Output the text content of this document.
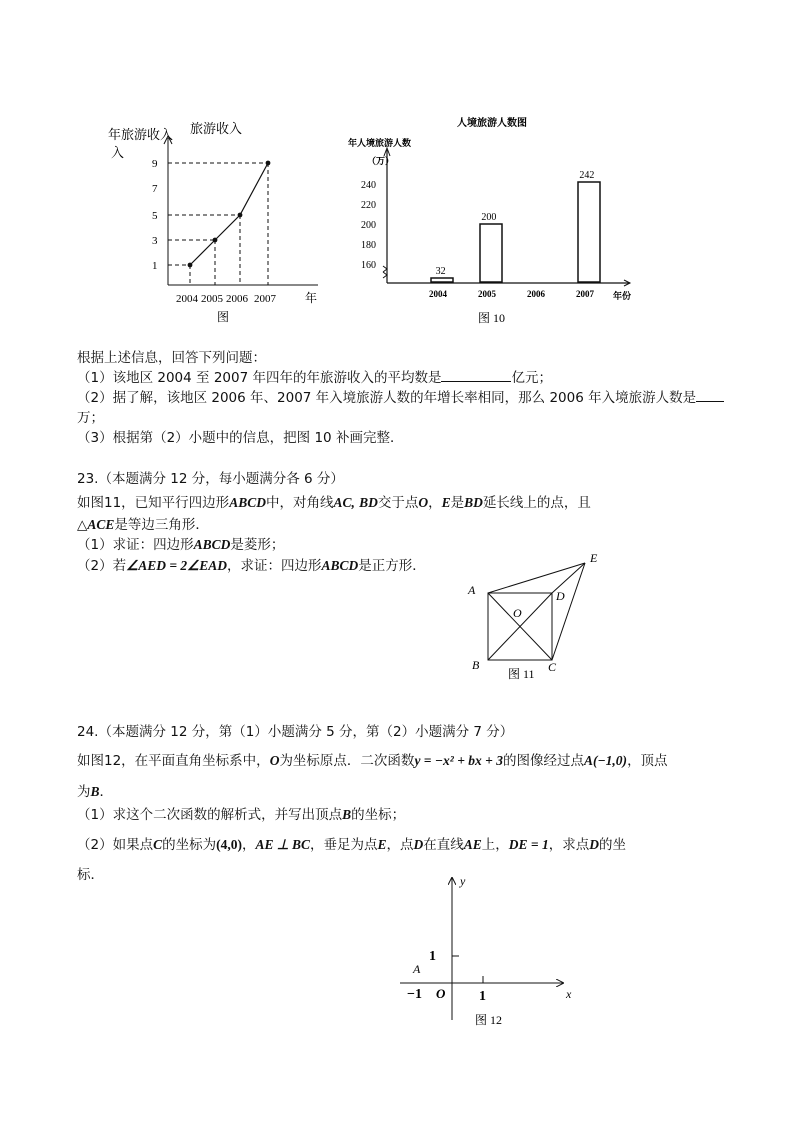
年旅游收入
入
旅游收入
1
3
5
9
7
2004 2005 2006 2007 年
图
人境旅游人数图
年人境旅游人数
（万）
160
180
200
220
240
2004
32
2005
200
2006	2007
242
年份
图 10
根据上述信息，回答下列问题：
（1）该地区 2004 至 2007 年四年的年旅游收入的平均数是	亿元；
（2）据了解，该地区 2006 年、2007 年入境旅游人数的年增长率相同，那么 2006 年入境旅游人数是
万；
（3）根据第（2）小题中的信息，把图 10 补画完整．
23.（本题满分 12 分，每小题满分各 6 分）
如图11，已知平行四边形ABCD中，对角线AC, BD交于点O，E是BD延长线上的点，且
△ACE是等边三角形．
（1）求证：四边形ABCD是菱形；
（2）若∠AED = 2∠EAD，求证：四边形ABCD是正方形．
A
B	C
D
E
O
图 11
24.（本题满分 12 分，第（1）小题满分 5 分，第（2）小题满分 7 分）
如图12，在平面直角坐标系中，O为坐标原点．二次函数y = −x² + bx + 3的图像经过点A(−1,0)，顶点
为B．
（1）求这个二次函数的解析式，并写出顶点B的坐标；
（2）如果点C的坐标为(4,0)，AE ⊥ BC，垂足为点E，点D在直线AE上，DE = 1，求点D的坐
标．	y
x
1
A
−1 O 1
图 12
